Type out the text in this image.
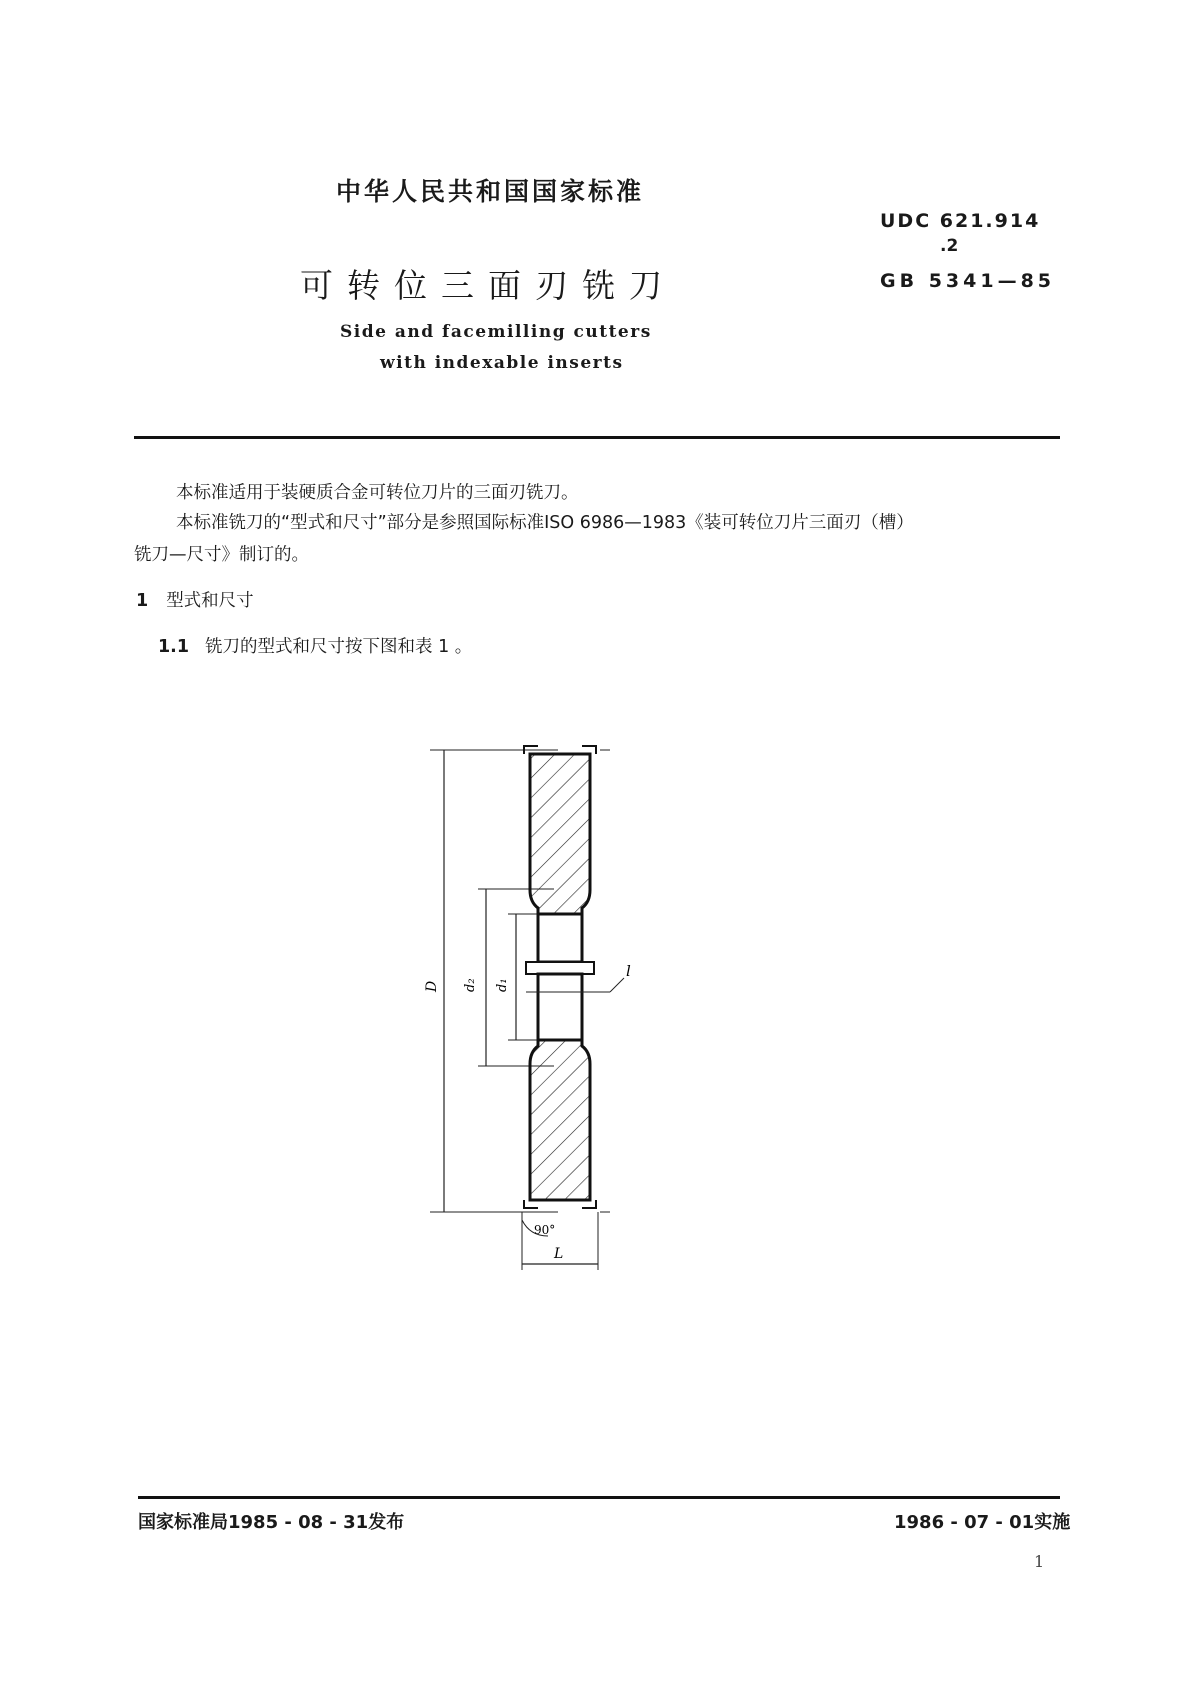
中华人民共和国国家标准
UDC 621.914
.2
GB 5341—85
可转位三面刃铣刀
Side and facemilling cutters
with indexable inserts
本标准适用于装硬质合金可转位刀片的三面刃铣刀。
本标准铣刀的“型式和尺寸”部分是参照国际标准ISO 6986—1983《装可转位刀片三面刃（槽）
铣刀—尺寸》制订的。
1 型式和尺寸
1.1 铣刀的型式和尺寸按下图和表 1 。
D d₂ d₁
l
90°
L
国家标准局1985 - 08 - 31发布	1986 - 07 - 01实施
1
